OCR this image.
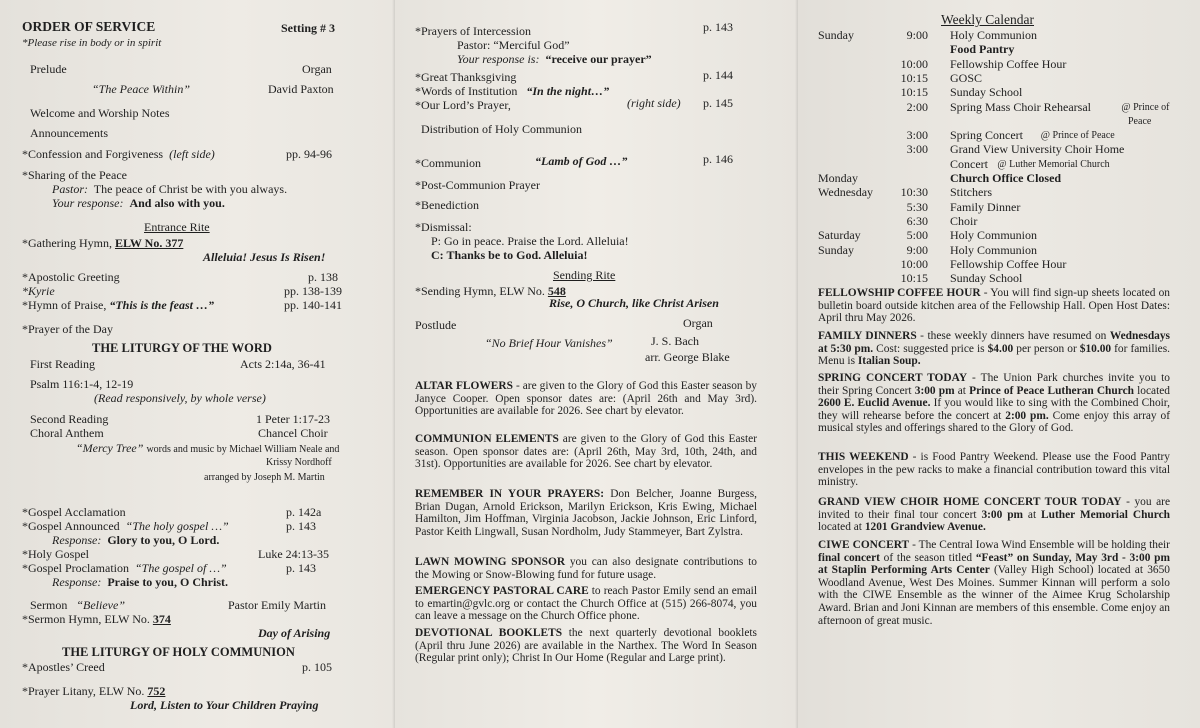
ORDER OF SERVICE	Setting # 3
*Please rise in body or in spirit
Prelude	Organ
“The Peace Within”	David Paxton
Welcome and Worship Notes
Announcements
*Confession and Forgiveness (left side)	pp. 94-96
*Sharing of the Peace
Pastor: The peace of Christ be with you always.
Your response: And also with you.
Entrance Rite
*Gathering Hymn, ELW No. 377
Alleluia! Jesus Is Risen!
*Apostolic Greeting	p. 138
*Kyrie	pp. 138-139
*Hymn of Praise, “This is the feast …”	pp. 140-141
*Prayer of the Day
THE LITURGY OF THE WORD
First Reading	Acts 2:14a, 36-41
Psalm 116:1-4, 12-19
(Read responsively, by whole verse)
Second Reading	1 Peter 1:17-23
Choral Anthem	Chancel Choir
“Mercy Tree” words and music by Michael William Neale and
Krissy Nordhoff
arranged by Joseph M. Martin
*Gospel Acclamation	p. 142a
*Gospel Announced “The holy gospel …”	p. 143
Response: Glory to you, O Lord.
*Holy Gospel	Luke 24:13-35
*Gospel Proclamation “The gospel of …”	p. 143
Response: Praise to you, O Christ.
Sermon “Believe”	Pastor Emily Martin
*Sermon Hymn, ELW No. 374
Day of Arising
THE LITURGY OF HOLY COMMUNION
*Apostles’ Creed	p. 105
*Prayer Litany, ELW No. 752
Lord, Listen to Your Children Praying
*Prayers of Intercession	p. 143
Pastor: “Merciful God”
Your response is: “receive our prayer”
*Great Thanksgiving	p. 144
*Words of Institution “In the night…”
*Our Lord’s Prayer,	(right side) p. 145
Distribution of Holy Communion
*Communion	“Lamb of God …”	p. 146
*Post-Communion Prayer
*Benediction
*Dismissal:
P: Go in peace. Praise the Lord. Alleluia!
C: Thanks be to God. Alleluia!
Sending Rite
*Sending Hymn, ELW No. 548
Rise, O Church, like Christ Arisen
Postlude	Organ
“No Brief Hour Vanishes”	J. S. Bach
arr. George Blake
ALTAR FLOWERS - are given to the Glory of God this Easter season by Janyce Cooper. Open sponsor dates are: (April 26th and May 3rd). Opportunities are available for 2026. See chart by elevator.
COMMUNION ELEMENTS are given to the Glory of God this Easter season. Open sponsor dates are: (April 26th, May 3rd, 10th, 24th, and 31st). Opportunities are available for 2026. See chart by elevator.
REMEMBER IN YOUR PRAYERS: Don Belcher, Joanne Burgess, Brian Dugan, Arnold Erickson, Marilyn Erickson, Kris Ewing, Michael Hamilton, Jim Hoffman, Virginia Jacobson, Jackie Johnson, Eric Linford, Pastor Keith Lingwall, Susan Nordholm, Judy Stammeyer, Bart Zylstra.
LAWN MOWING SPONSOR you can also designate contributions to the Mowing or Snow-Blowing fund for future usage.
EMERGENCY PASTORAL CARE to reach Pastor Emily send an email to emartin@gvlc.org or contact the Church Office at (515) 266-8074, you can leave a message on the Church Office phone.
DEVOTIONAL BOOKLETS the next quarterly devotional booklets (April thru June 2026) are available in the Narthex. The Word In Season (Regular print only); Christ In Our Home (Regular and Large print).
Weekly Calendar
Sunday	9:00 Holy Communion
Food Pantry
10:00 Fellowship Coffee Hour
10:15 GOSC
10:15 Sunday School
2:00 Spring Mass Choir Rehearsal	@ Prince of
Peace
3:00 Spring Concert @ Prince of Peace
3:00 Grand View University Choir Home
Concert @ Luther Memorial Church
Monday	Church Office Closed
Wednesday	10:30 Stitchers
5:30 Family Dinner
6:30 Choir
Saturday	5:00 Holy Communion
Sunday	9:00 Holy Communion
10:00 Fellowship Coffee Hour
10:15 Sunday School
FELLOWSHIP COFFEE HOUR - You will find sign-up sheets located on bulletin board outside kitchen area of the Fellowship Hall. Open Host Dates: April thru May 2026.
FAMILY DINNERS - these weekly dinners have resumed on Wednesdays at 5:30 pm. Cost: suggested price is $4.00 per person or $10.00 for families. Menu is Italian Soup.
SPRING CONCERT TODAY - The Union Park churches invite you to their Spring Concert 3:00 pm at Prince of Peace Lutheran Church located 2600 E. Euclid Avenue. If you would like to sing with the Combined Choir, they will rehearse before the concert at 2:00 pm. Come enjoy this array of musical styles and offerings shared to the Glory of God.
THIS WEEKEND - is Food Pantry Weekend. Please use the Food Pantry envelopes in the pew racks to make a financial contribution toward this vital ministry.
GRAND VIEW CHOIR HOME CONCERT TOUR TODAY - you are invited to their final tour concert 3:00 pm at Luther Memorial Church located at 1201 Grandview Avenue.
CIWE CONCERT - The Central Iowa Wind Ensemble will be holding their final concert of the season titled “Feast” on Sunday, May 3rd - 3:00 pm at Staplin Performing Arts Center (Valley High School) located at 3650 Woodland Avenue, West Des Moines. Summer Kinnan will perform a solo with the CIWE Ensemble as the winner of the Aimee Krug Scholarship Award. Brian and Joni Kinnan are members of this ensemble. Come enjoy an afternoon of great music.
